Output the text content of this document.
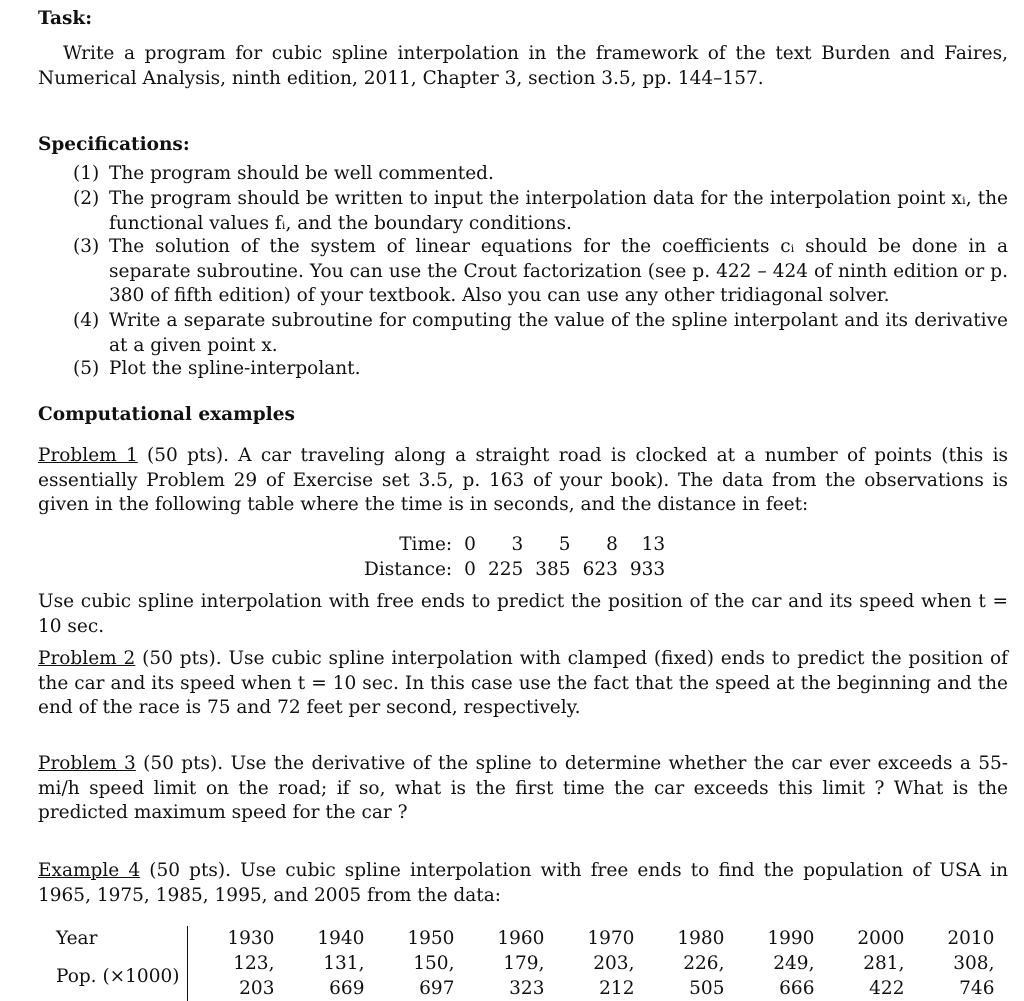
Task:
Write a program for cubic spline interpolation in the framework of the text Burden and Faires, Numerical Analysis, ninth edition, 2011, Chapter 3, section 3.5, pp. 144–157.
Specifications:
(1) The program should be well commented.
(2) The program should be written to input the interpolation data for the interpolation point xᵢ, the functional values fᵢ, and the boundary conditions.
(3) The solution of the system of linear equations for the coefficients cᵢ should be done in a separate subroutine. You can use the Crout factorization (see p. 422 – 424 of ninth edition or p. 380 of fifth edition) of your textbook. Also you can use any other tridiagonal solver.
(4) Write a separate subroutine for computing the value of the spline interpolant and its derivative at a given point x.
(5) Plot the spline-interpolant.
Computational examples
Problem 1 (50 pts). A car traveling along a straight road is clocked at a number of points (this is essentially Problem 29 of Exercise set 3.5, p. 163 of your book). The data from the observations is given in the following table where the time is in seconds, and the distance in feet:
Time:	0	3	5	8	13
Distance:	0	225	385	623	933
Use cubic spline interpolation with free ends to predict the position of the car and its speed when t = 10 sec.
Problem 2 (50 pts). Use cubic spline interpolation with clamped (fixed) ends to predict the position of the car and its speed when t = 10 sec. In this case use the fact that the speed at the beginning and the end of the race is 75 and 72 feet per second, respectively.
Problem 3 (50 pts). Use the derivative of the spline to determine whether the car ever exceeds a 55-mi/h speed limit on the road; if so, what is the first time the car exceeds this limit ? What is the predicted maximum speed for the car ?
Example 4 (50 pts). Use cubic spline interpolation with free ends to find the population of USA in 1965, 1975, 1985, 1995, and 2005 from the data:
Year	1930	1940	1950	1960	1970	1980	1990	2000	2010
Pop. (×1000)	123, 203	131, 669	150, 697	179, 323	203, 212	226, 505	249, 666	281, 422	308, 746
